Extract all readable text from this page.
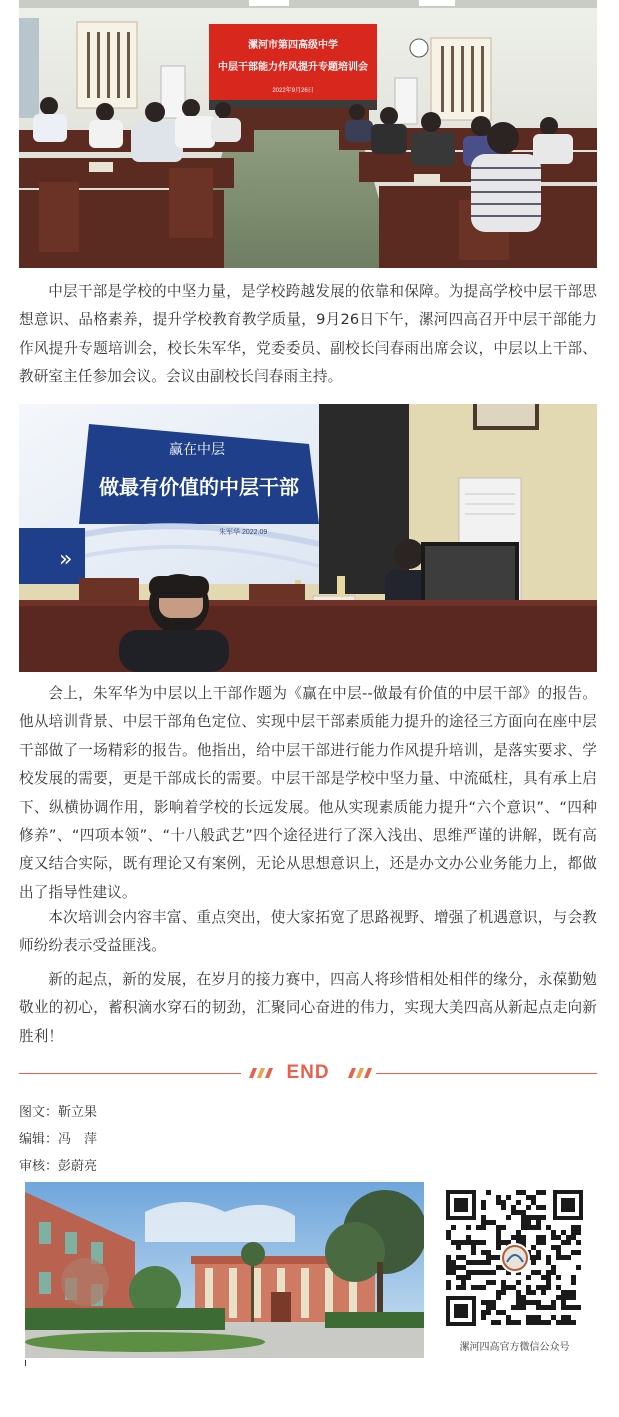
漯河市第四高级中学
中层干部能力作风提升专题培训会
2022年9月26日

中层干部是学校的中坚力量，是学校跨越发展的依靠和保障。为提高学校中层干部思想意识、品格素养，提升学校教育教学质量，9月26日下午，漯河四高召开中层干部能力作风提升专题培训会，校长朱军华，党委委员、副校长闫春雨出席会议，中层以上干部、教研室主任参加会议。会议由副校长闫春雨主持。

赢在中层
做最有价值的中层干部
朱军华 2022.09
»

会上，朱军华为中层以上干部作题为《赢在中层--做最有价值的中层干部》的报告。他从培训背景、中层干部角色定位、实现中层干部素质能力提升的途径三方面向在座中层干部做了一场精彩的报告。他指出，给中层干部进行能力作风提升培训，是落实要求、学校发展的需要，更是干部成长的需要。中层干部是学校中坚力量、中流砥柱，具有承上启下、纵横协调作用，影响着学校的长远发展。他从实现素质能力提升“六个意识”、“四种修养”、“四项本领”、“十八般武艺”四个途径进行了深入浅出、思维严谨的讲解，既有高度又结合实际，既有理论又有案例，无论从思想意识上，还是办文办公业务能力上，都做出了指导性建议。

本次培训会内容丰富、重点突出，使大家拓宽了思路视野、增强了机遇意识，与会教师纷纷表示受益匪浅。

新的起点，新的发展，在岁月的接力赛中，四高人将珍惜相处相伴的缘分，永葆勤勉敬业的初心，蓄积滴水穿石的韧劲，汇聚同心奋进的伟力，实现大美四高从新起点走向新胜利！

END
图文：靳立果
编辑：冯　萍
审核：彭蔚亮
漯河四高官方微信公众号
